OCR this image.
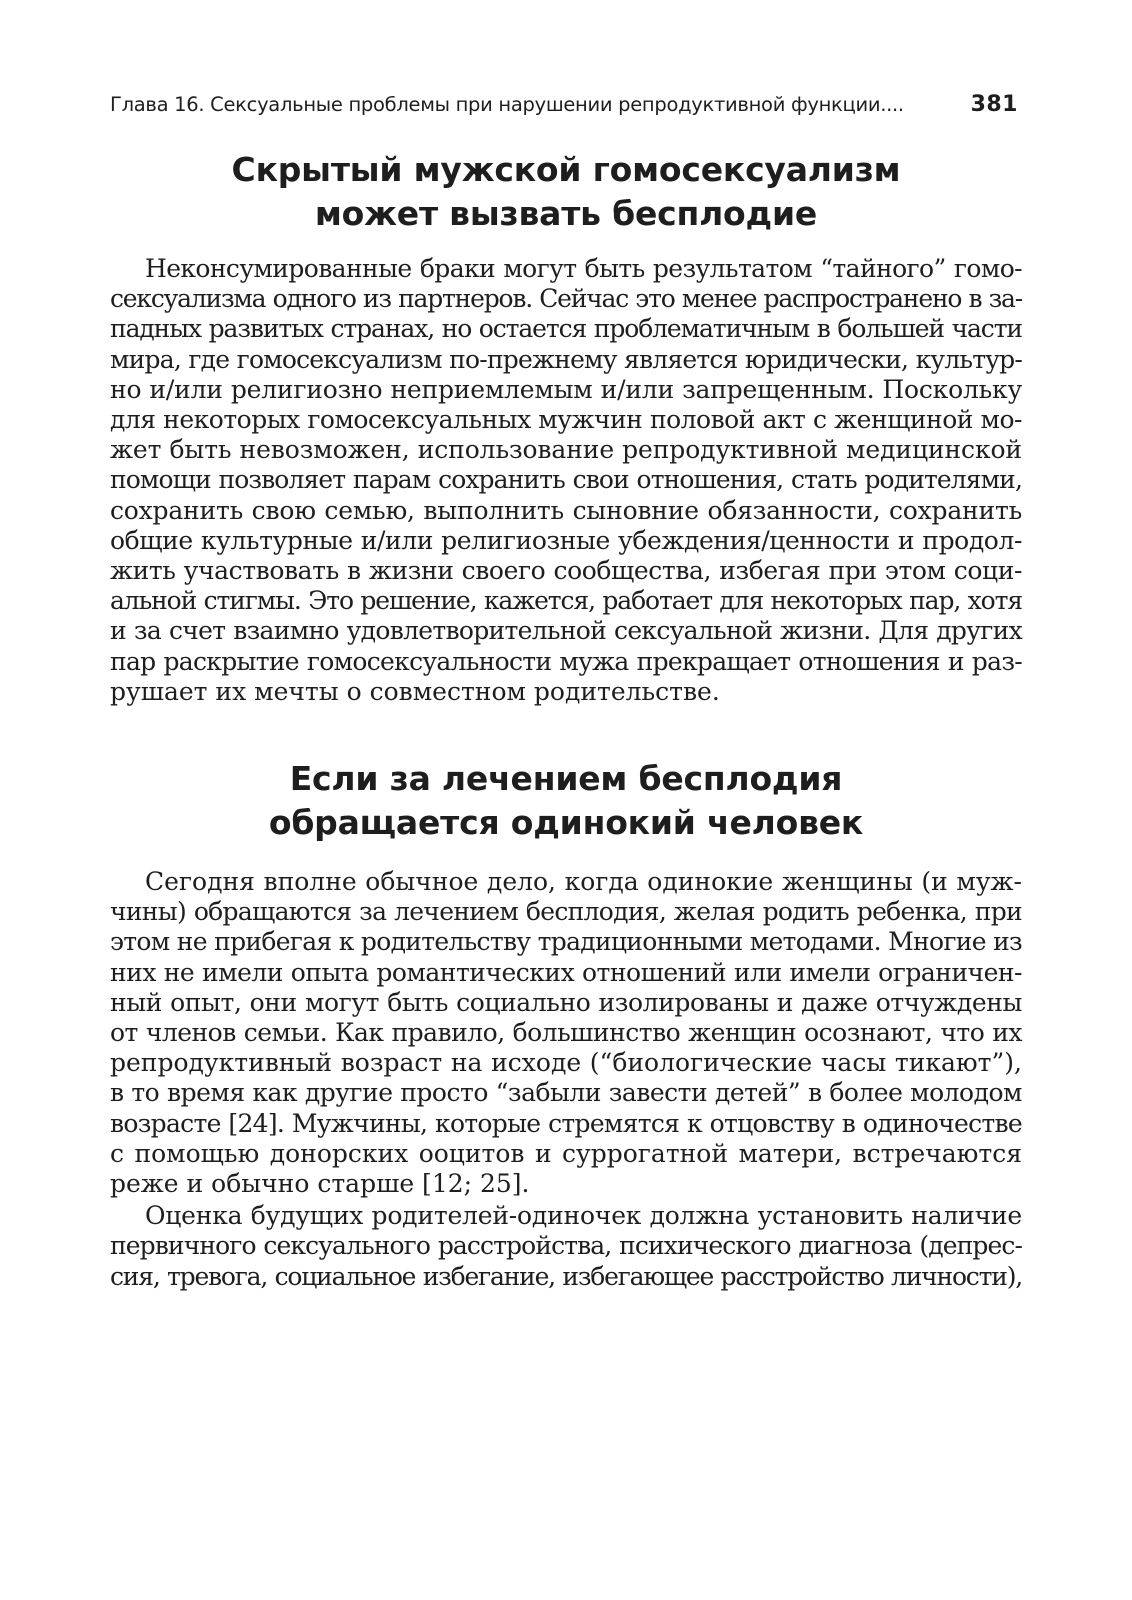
Глава 16. Сексуальные проблемы при нарушении репродуктивной функции....	381
Скрытый мужской гомосексуализм
может вызвать бесплодие

Неконсумированные браки могут быть результатом “тайного” гомо-
сексуализма одного из партнеров. Сейчас это менее распространено в за-
падных развитых странах, но остается проблематичным в большей части
мира, где гомосексуализм по-прежнему является юридически, культур-
но и/или религиозно неприемлемым и/или запрещенным. Поскольку
для некоторых гомосексуальных мужчин половой акт с женщиной мо-
жет быть невозможен, использование репродуктивной медицинской
помощи позволяет парам сохранить свои отношения, стать родителями,
сохранить свою семью, выполнить сыновние обязанности, сохранить
общие культурные и/или религиозные убеждения/ценности и продол-
жить участвовать в жизни своего сообщества, избегая при этом соци-
альной стигмы. Это решение, кажется, работает для некоторых пар, хотя
и за счет взаимно удовлетворительной сексуальной жизни. Для других
пар раскрытие гомосексуальности мужа прекращает отношения и раз-
рушает их мечты о совместном родительстве.

Если за лечением бесплодия
обращается одинокий человек

Сегодня вполне обычное дело, когда одинокие женщины (и муж-
чины) обращаются за лечением бесплодия, желая родить ребенка, при
этом не прибегая к родительству традиционными методами. Многие из
них не имели опыта романтических отношений или имели ограничен-
ный опыт, они могут быть социально изолированы и даже отчуждены
от членов семьи. Как правило, большинство женщин осознают, что их
репродуктивный возраст на исходе (“биологические часы тикают”),
в то время как другие просто “забыли завести детей” в более молодом
возрасте [24]. Мужчины, которые стремятся к отцовству в одиночестве
с помощью донорских ооцитов и суррогатной матери, встречаются
реже и обычно старше [12; 25].

Оценка будущих родителей-одиночек должна установить наличие
первичного сексуального расстройства, психического диагноза (депрес-
сия, тревога, социальное избегание, избегающее расстройство личности),
